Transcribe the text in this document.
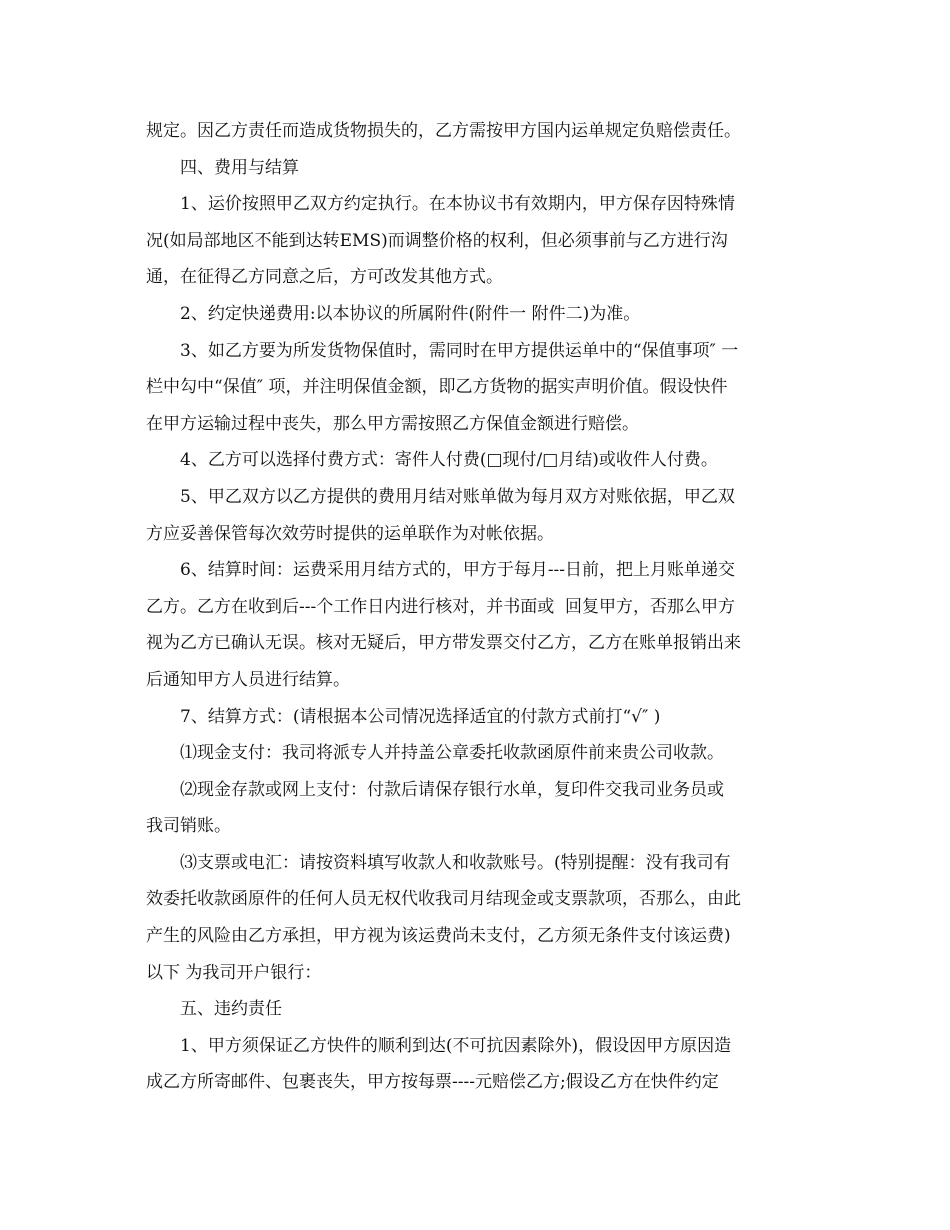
规定。因乙方责任而造成货物损失的，乙方需按甲方国内运单规定负赔偿责任。
四、费用与结算
1、运价按照甲乙双方约定执行。在本协议书有效期内，甲方保存因特殊情
况(如局部地区不能到达转EMS)而调整价格的权利，但必须事前与乙方进行沟
通，在征得乙方同意之后，方可改发其他方式。
2、约定快递费用:以本协议的所属附件(附件一 附件二)为准。
3、如乙方要为所发货物保值时，需同时在甲方提供运单中的“保值事项″ 一
栏中勾中“保值″ 项，并注明保值金额，即乙方货物的据实声明价值。假设快件
在甲方运输过程中丧失，那么甲方需按照乙方保值金额进行赔偿。
4、乙方可以选择付费方式：寄件人付费(□现付/□月结)或收件人付费。
5、甲乙双方以乙方提供的费用月结对账单做为每月双方对账依据，甲乙双
方应妥善保管每次效劳时提供的运单联作为对帐依据。
6、结算时间：运费采用月结方式的，甲方于每月---日前，把上月账单递交
乙方。乙方在收到后---个工作日内进行核对，并书面或  回复甲方，否那么甲方
视为乙方已确认无误。核对无疑后，甲方带发票交付乙方，乙方在账单报销出来
后通知甲方人员进行结算。
7、结算方式：(请根据本公司情况选择适宜的付款方式前打“√″ )
⑴现金支付：我司将派专人并持盖公章委托收款函原件前来贵公司收款。
⑵现金存款或网上支付：付款后请保存银行水单，复印件交我司业务员或
我司销账。
⑶支票或电汇：请按资料填写收款人和收款账号。(特别提醒：没有我司有
效委托收款函原件的任何人员无权代收我司月结现金或支票款项，否那么，由此
产生的风险由乙方承担，甲方视为该运费尚未支付，乙方须无条件支付该运费)
以下 为我司开户银行：
五、违约责任
1、甲方须保证乙方快件的顺利到达(不可抗因素除外)，假设因甲方原因造
成乙方所寄邮件、包裹丧失，甲方按每票----元赔偿乙方;假设乙方在快件约定
